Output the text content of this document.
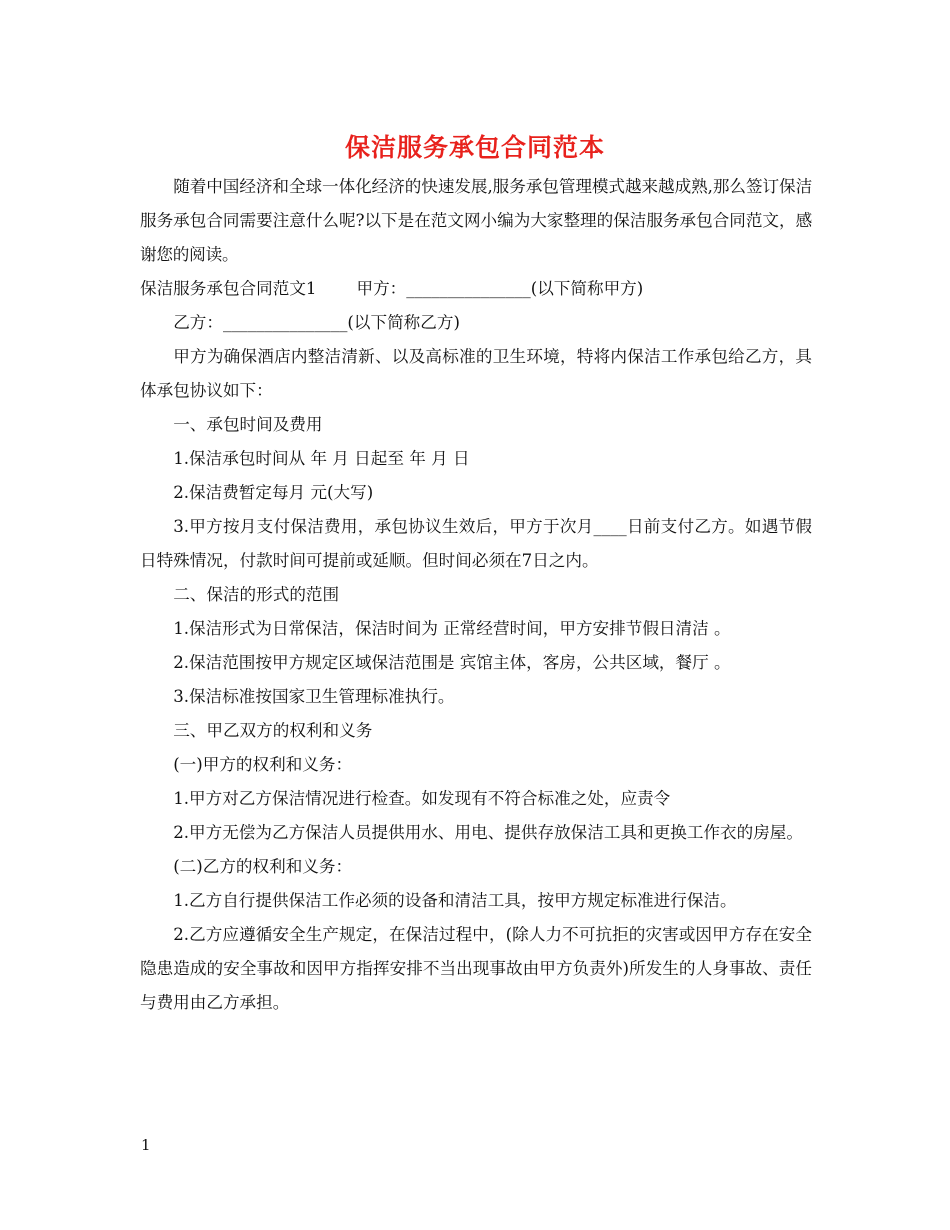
保洁服务承包合同范本

随着中国经济和全球一体化经济的快速发展,服务承包管理模式越来越成熟,那么签订保洁服务承包合同需要注意什么呢?以下是在范文网小编为大家整理的保洁服务承包合同范文，感谢您的阅读。

保洁服务承包合同范文1 甲方：_______________(以下简称甲方)

乙方：_______________(以下简称乙方)

甲方为确保酒店内整洁清新、以及高标准的卫生环境，特将内保洁工作承包给乙方，具体承包协议如下：

一、承包时间及费用

1.保洁承包时间从 年 月 日起至 年 月 日

2.保洁费暂定每月 元(大写)

3.甲方按月支付保洁费用，承包协议生效后，甲方于次月____日前支付乙方。如遇节假日特殊情况，付款时间可提前或延顺。但时间必须在7日之内。

二、保洁的形式的范围

1.保洁形式为日常保洁，保洁时间为 正常经营时间，甲方安排节假日清洁 。

2.保洁范围按甲方规定区域保洁范围是 宾馆主体，客房，公共区域，餐厅 。

3.保洁标准按国家卫生管理标准执行。

三、甲乙双方的权利和义务

(一)甲方的权利和义务：

1.甲方对乙方保洁情况进行检查。如发现有不符合标准之处，应责令

2.甲方无偿为乙方保洁人员提供用水、用电、提供存放保洁工具和更换工作衣的房屋。

(二)乙方的权利和义务：

1.乙方自行提供保洁工作必须的设备和清洁工具，按甲方规定标准进行保洁。

2.乙方应遵循安全生产规定，在保洁过程中，(除人力不可抗拒的灾害或因甲方存在安全隐患造成的安全事故和因甲方指挥安排不当出现事故由甲方负责外)所发生的人身事故、责任与费用由乙方承担。

1
